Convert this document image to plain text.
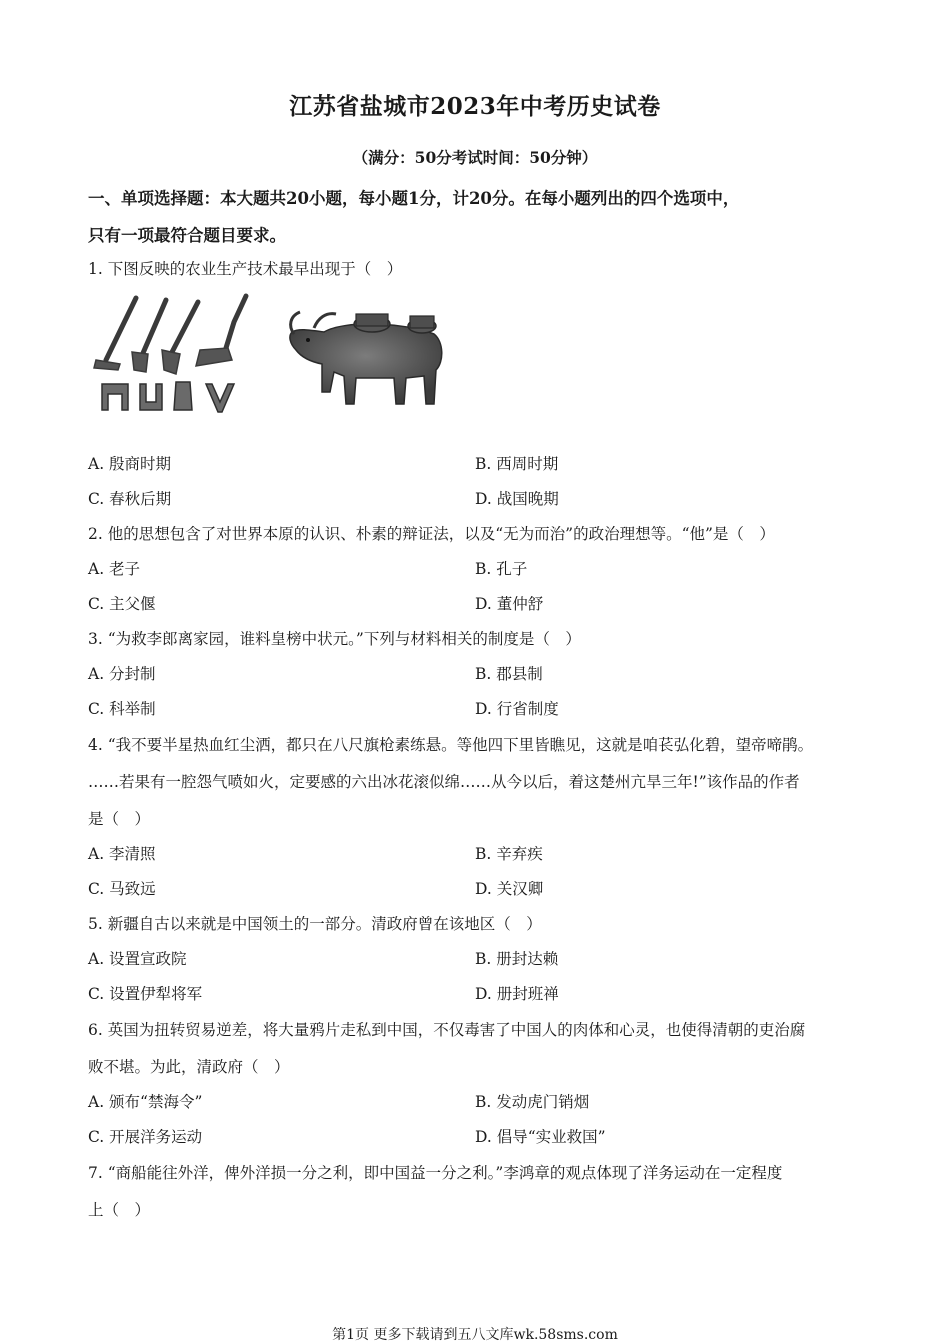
江苏省盐城市2023年中考历史试卷
（满分：50分考试时间：50分钟）
一、单项选择题：本大题共20小题，每小题1分，计20分。在每小题列出的四个选项中，
只有一项最符合题目要求。
1. 下图反映的农业生产技术最早出现于（　）
A. 殷商时期	B. 西周时期
C. 春秋后期	D. 战国晚期
2. 他的思想包含了对世界本原的认识、朴素的辩证法，以及“无为而治”的政治理想等。“他”是（　）
A. 老子	B. 孔子
C. 主父偃	D. 董仲舒
3. “为救李郎离家园，谁料皇榜中状元。”下列与材料相关的制度是（　）
A. 分封制	B. 郡县制
C. 科举制	D. 行省制度
4. “我不要半星热血红尘洒，都只在八尺旗枪素练悬。等他四下里皆瞧见，这就是咱苌弘化碧，望帝啼鹃。
……若果有一腔怨气喷如火，定要感的六出冰花滚似绵……从今以后，着这楚州亢旱三年!”该作品的作者
是（　）
A. 李清照	B. 辛弃疾
C. 马致远	D. 关汉卿
5. 新疆自古以来就是中国领土的一部分。清政府曾在该地区（　）
A. 设置宣政院	B. 册封达赖
C. 设置伊犁将军	D. 册封班禅
6. 英国为扭转贸易逆差，将大量鸦片走私到中国，不仅毒害了中国人的肉体和心灵，也使得清朝的吏治腐
败不堪。为此，清政府（　）
A. 颁布“禁海令”	B. 发动虎门销烟
C. 开展洋务运动	D. 倡导“实业救国”
7. “商船能往外洋，俾外洋损一分之利，即中国益一分之利。”李鸿章的观点体现了洋务运动在一定程度
上（　）
第1页 更多下载请到五八文库wk.58sms.com
